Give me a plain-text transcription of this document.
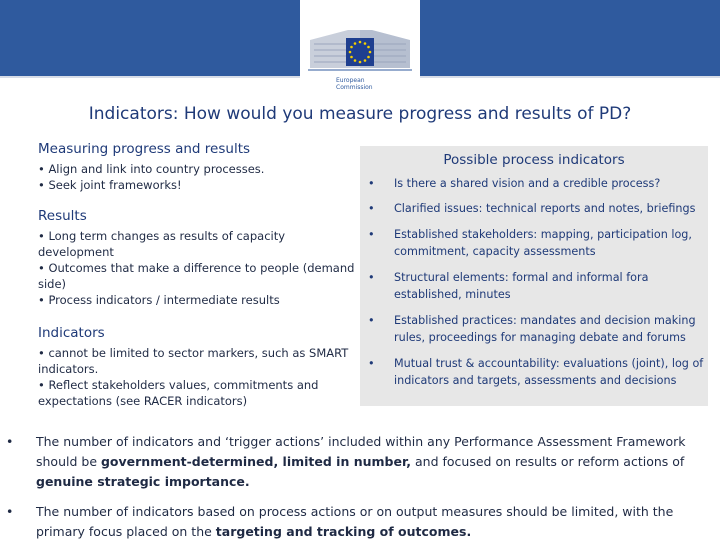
European
Commission
Indicators: How would you measure progress and results of PD?
Measuring progress and results

• Align and link into country processes.

• Seek joint frameworks!

Results

• Long term changes as results of capacity development

• Outcomes that make a difference to people (demand side)

• Process indicators / intermediate results

Indicators

• cannot be limited to sector markers, such as SMART indicators.

• Reflect stakeholders values, commitments and expectations (see RACER indicators)

Possible process indicators
• Is there a shared vision and a credible process?
• Clarified issues: technical reports and notes, briefings
• Established stakeholders: mapping, participation log, commitment, capacity assessments
• Structural elements: formal and informal fora established, minutes
• Established practices: mandates and decision making rules, proceedings for managing debate and forums
• Mutual trust & accountability: evaluations (joint), log of indicators and targets, assessments and decisions
• The number of indicators and ‘trigger actions’ included within any Performance Assessment Framework should be government-determined, limited in number, and focused on results or reform actions of genuine strategic importance.
• The number of indicators based on process actions or on output measures should be limited, with the primary focus placed on the targeting and tracking of outcomes.
